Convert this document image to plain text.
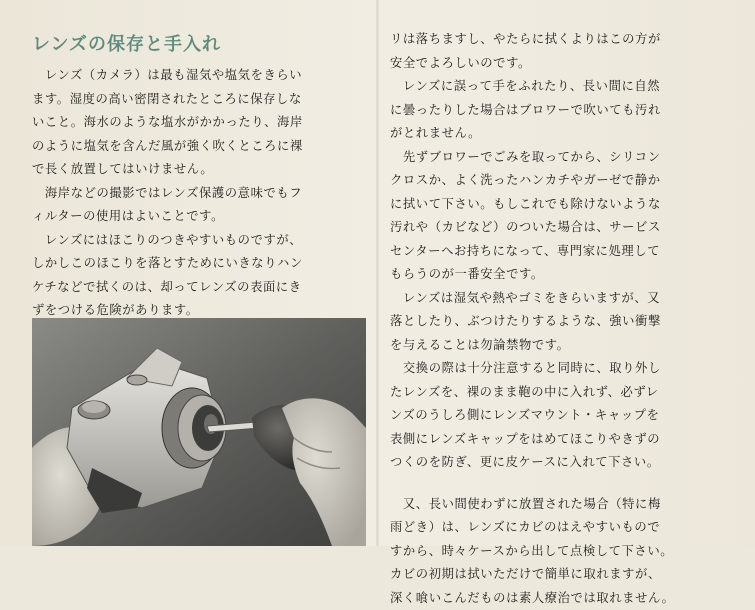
レンズの保存と手入れ

　レンズ（カメラ）は最も湿気や塩気をきらい
ます。湿度の高い密閉されたところに保存しな
いこと。海水のような塩水がかかったり、海岸
のように塩気を含んだ風が強く吹くところに裸
で長く放置してはいけません。

　海岸などの撮影ではレンズ保護の意味でもフ
ィルターの使用はよいことです。

　レンズにはほこりのつきやすいものですが、
しかしこのほこりを落とすためにいきなりハン
ケチなどで拭くのは、却ってレンズの表面にき
ずをつける危険があります。

リは落ちますし、やたらに拭くよりはこの方が
安全でよろしいのです。

　レンズに誤って手をふれたり、長い間に自然
に曇ったりした場合はブロワーで吹いても汚れ
がとれません。

　先ずブロワーでごみを取ってから、シリコン
クロスか、よく洗ったハンカチやガーゼで静か
に拭いて下さい。もしこれでも除けないような
汚れや（カビなど）のついた場合は、サービス
センターへお持ちになって、専門家に処理して
もらうのが一番安全です。

　レンズは湿気や熱やゴミをきらいますが、又
落としたり、ぶつけたりするような、強い衝撃
を与えることは勿論禁物です。

　交換の際は十分注意すると同時に、取り外し
たレンズを、裸のまま鞄の中に入れず、必ずレ
ンズのうしろ側にレンズマウント・キャップを
表側にレンズキャップをはめてほこりやきずの
つくのを防ぎ、更に皮ケースに入れて下さい。

　又、長い間使わずに放置された場合（特に梅
雨どき）は、レンズにカビのはえやすいもので
すから、時々ケースから出して点検して下さい。
カビの初期は拭いただけで簡単に取れますが、
深く喰いこんだものは素人療治では取れません。
